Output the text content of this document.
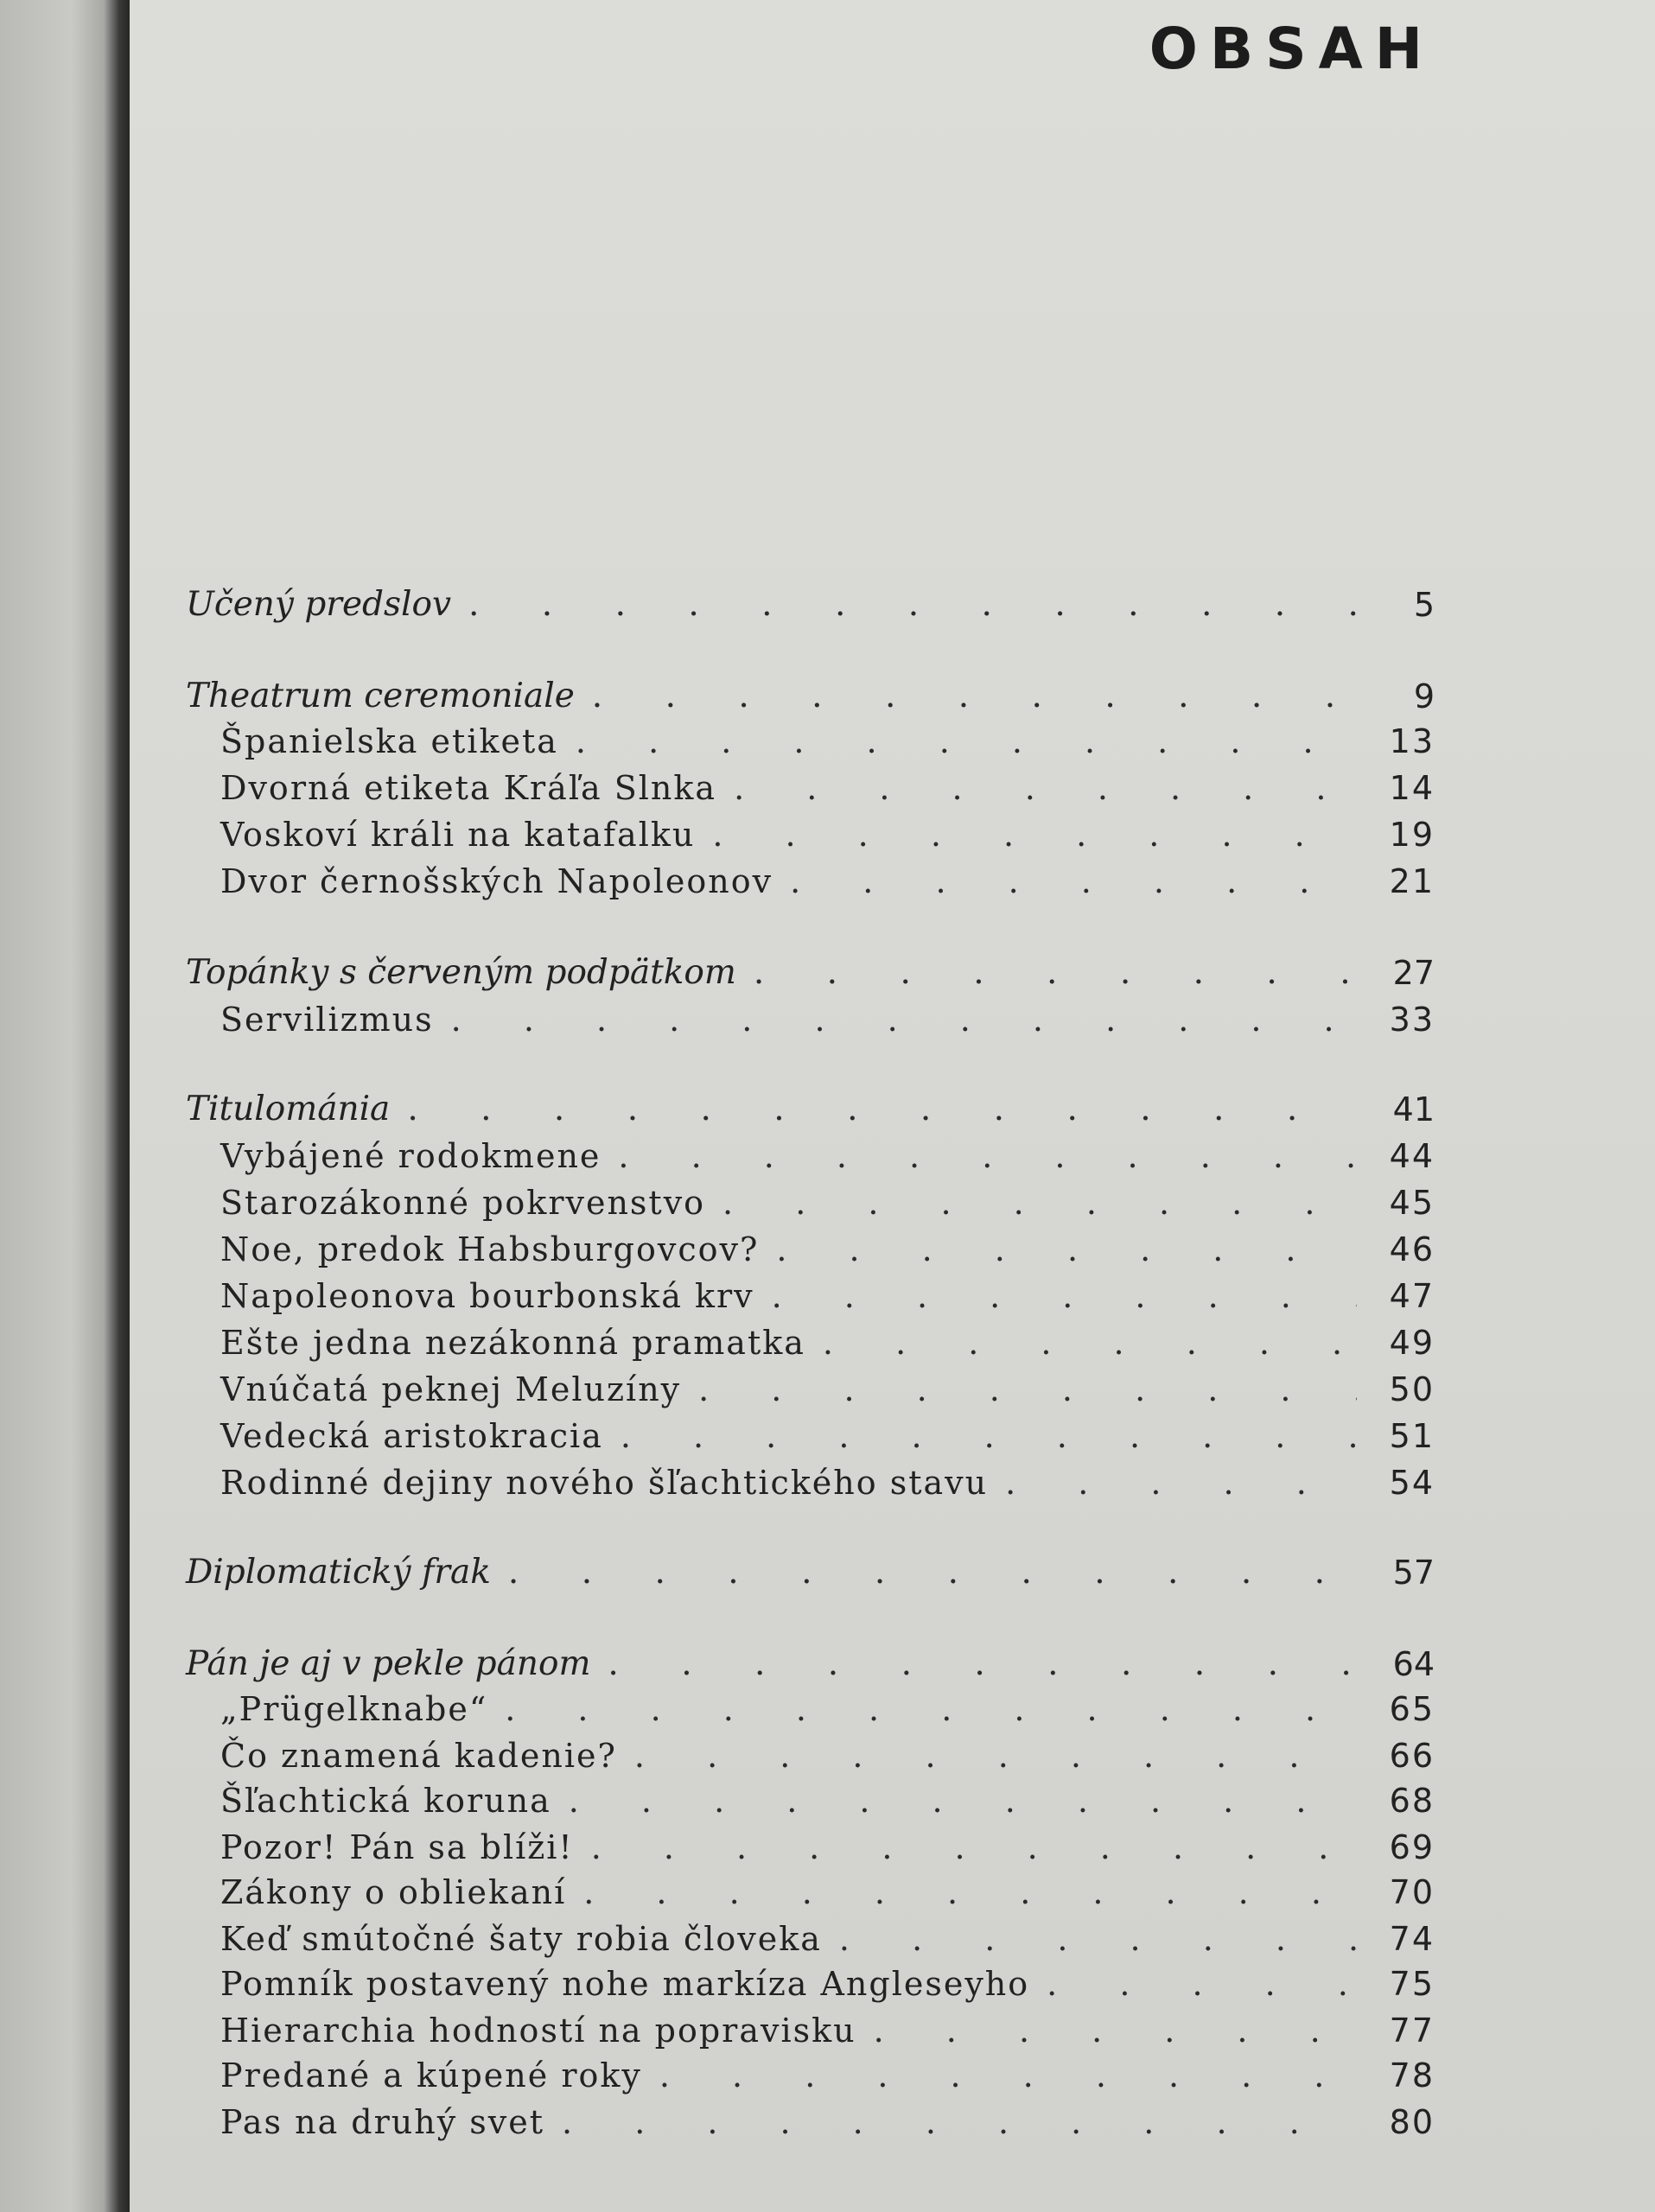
OBSAH
Učený predslov . . .	5
Theatrum ceremoniale . . .	9
Španielska etiketa . . .	13
Dvorná etiketa Kráľa Slnka . . .	14
Voskoví králi na katafalku . . .	19
Dvor černošských Napoleonov . . .	21
Topánky s červeným podpätkom . . .	27
Servilizmus . . .	33
Titulománia . . .	41
Vybájené rodokmene . . .	44
Starozákonné pokrvenstvo . . .	45
Noe, predok Habsburgovcov? . . .	46
Napoleonova bourbonská krv . . .	47
Ešte jedna nezákonná pramatka . . .	49
Vnúčatá peknej Meluzíny . . .	50
Vedecká aristokracia . . .	51
Rodinné dejiny nového šľachtického stavu . . .	54
Diplomatický frak . . .	57
Pán je aj v pekle pánom . . .	64
„Prügelknabe“ . . .	65
Čo znamená kadenie? . . .	66
Šľachtická koruna . . .	68
Pozor! Pán sa blíži! . . .	69
Zákony o obliekaní . . .	70
Keď smútočné šaty robia človeka . . .	74
Pomník postavený nohe markíza Angleseyho . . .	75
Hierarchia hodností na popravisku . . .	77
Predané a kúpené roky . . .	78
Pas na druhý svet . . .	80
